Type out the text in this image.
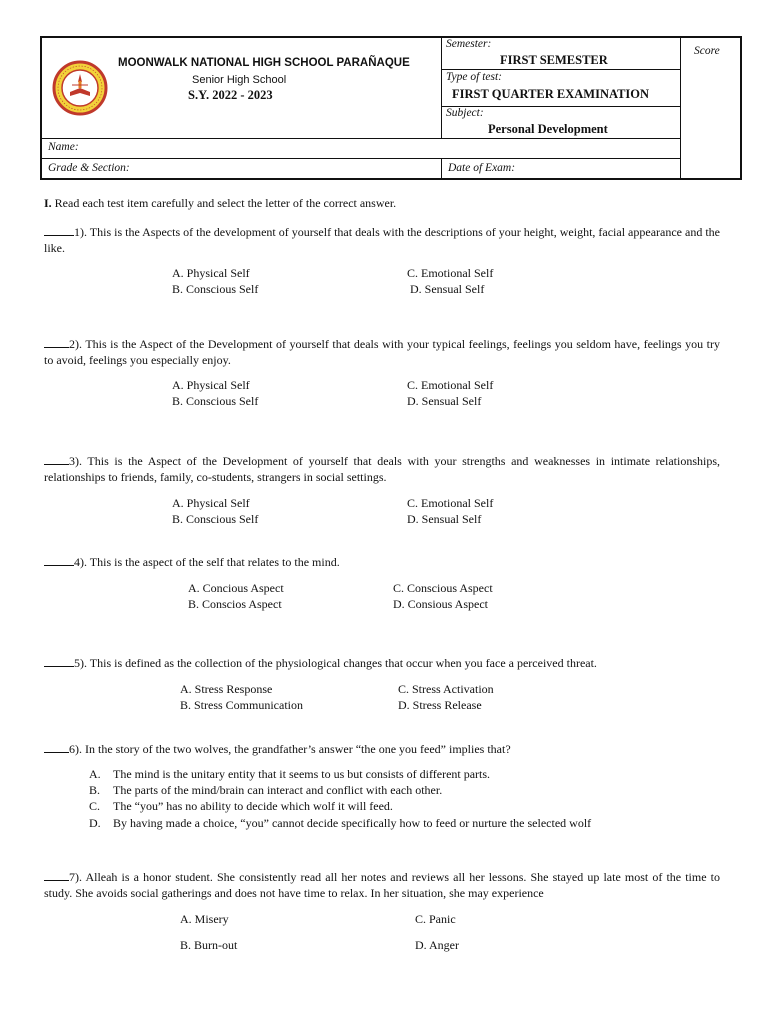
MOONWALK NATIONAL HIGH SCHOOL PARAÑAQUE
Senior High School
S.Y. 2022 - 2023
Semester:
FIRST SEMESTER
Type of test:
FIRST QUARTER EXAMINATION
Subject:
Personal Development
Score
Name:
Grade & Section:	Date of Exam:
I. Read each test item carefully and select the letter of the correct answer.
1). This is the Aspects of the development of yourself that deals with the descriptions of your height, weight, facial appearance and the like.
A. Physical Self	C. Emotional Self
B. Conscious Self	D. Sensual Self
2). This is the Aspect of the Development of yourself that deals with your typical feelings, feelings you seldom have, feelings you try to avoid, feelings you especially enjoy.
A. Physical Self	C. Emotional Self
B. Conscious Self	D. Sensual Self
3). This is the Aspect of the Development of yourself that deals with your strengths and weaknesses in intimate relationships, relationships to friends, family, co-students, strangers in social settings.
A. Physical Self	C. Emotional Self
B. Conscious Self	D. Sensual Self
4). This is the aspect of the self that relates to the mind.
A. Concious Aspect	C. Conscious Aspect
B. Conscios Aspect	D. Consious Aspect
5). This is defined as the collection of the physiological changes that occur when you face a perceived threat.
A. Stress Response	C. Stress Activation
B. Stress Communication	D. Stress Release
6). In the story of the two wolves, the grandfather’s answer “the one you feed” implies that?
A. The mind is the unitary entity that it seems to us but consists of different parts.
B. The parts of the mind/brain can interact and conflict with each other.
C. The “you” has no ability to decide which wolf it will feed.
D. By having made a choice, “you” cannot decide specifically how to feed or nurture the selected wolf
7). Alleah is a honor student. She consistently read all her notes and reviews all her lessons. She stayed up late most of the time to study. She avoids social gatherings and does not have time to relax. In her situation, she may experience
A. Misery	C. Panic
B. Burn-out	D. Anger
